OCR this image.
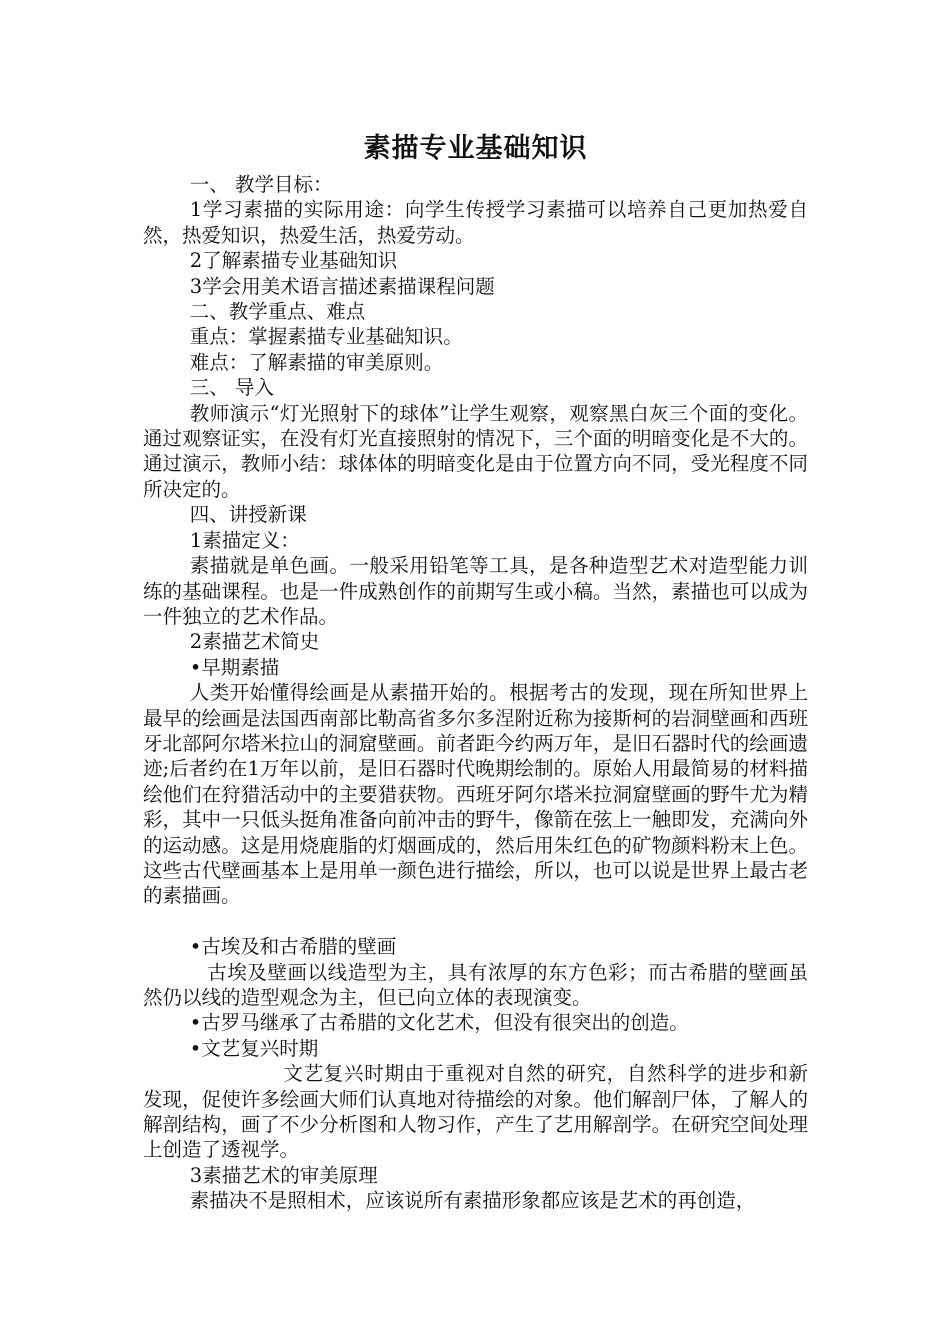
素描专业基础知识

一、 教学目标：

1学习素描的实际用途：向学生传授学习素描可以培养自己更加热爱自然，热爱知识，热爱生活，热爱劳动。

2了解素描专业基础知识

3学会用美术语言描述素描课程问题

二、教学重点、难点

重点：掌握素描专业基础知识。

难点：了解素描的审美原则。

三、 导入

教师演示“灯光照射下的球体”让学生观察，观察黑白灰三个面的变化。通过观察证实，在没有灯光直接照射的情况下，三个面的明暗变化是不大的。通过演示，教师小结：球体体的明暗变化是由于位置方向不同，受光程度不同所决定的。

四、讲授新课

1素描定义：

素描就是单色画。一般采用铅笔等工具，是各种造型艺术对造型能力训练的基础课程。也是一件成熟创作的前期写生或小稿。当然，素描也可以成为一件独立的艺术作品。

2素描艺术简史

•早期素描

人类开始懂得绘画是从素描开始的。根据考古的发现，现在所知世界上最早的绘画是法国西南部比勒高省多尔多涅附近称为接斯柯的岩洞壁画和西班牙北部阿尔塔米拉山的洞窟壁画。前者距今约两万年，是旧石器时代的绘画遗迹;后者约在1万年以前，是旧石器时代晚期绘制的。原始人用最简易的材料描绘他们在狩猎活动中的主要猎获物。西班牙阿尔塔米拉洞窟壁画的野牛尤为精彩，其中一只低头挺角准备向前冲击的野牛，像箭在弦上一触即发，充满向外的运动感。这是用烧鹿脂的灯烟画成的，然后用朱红色的矿物颜料粉末上色。这些古代壁画基本上是用单一颜色进行描绘，所以，也可以说是世界上最古老的素描画。

•古埃及和古希腊的壁画

古埃及壁画以线造型为主，具有浓厚的东方色彩；而古希腊的壁画虽然仍以线的造型观念为主，但已向立体的表现演变。

•古罗马继承了古希腊的文化艺术，但没有很突出的创造。

•文艺复兴时期

文艺复兴时期由于重视对自然的研究，自然科学的进步和新发现，促使许多绘画大师们认真地对待描绘的对象。他们解剖尸体，了解人的解剖结构，画了不少分析图和人物习作，产生了艺用解剖学。在研究空间处理上创造了透视学。

3素描艺术的审美原理

素描决不是照相术，应该说所有素描形象都应该是艺术的再创造，
